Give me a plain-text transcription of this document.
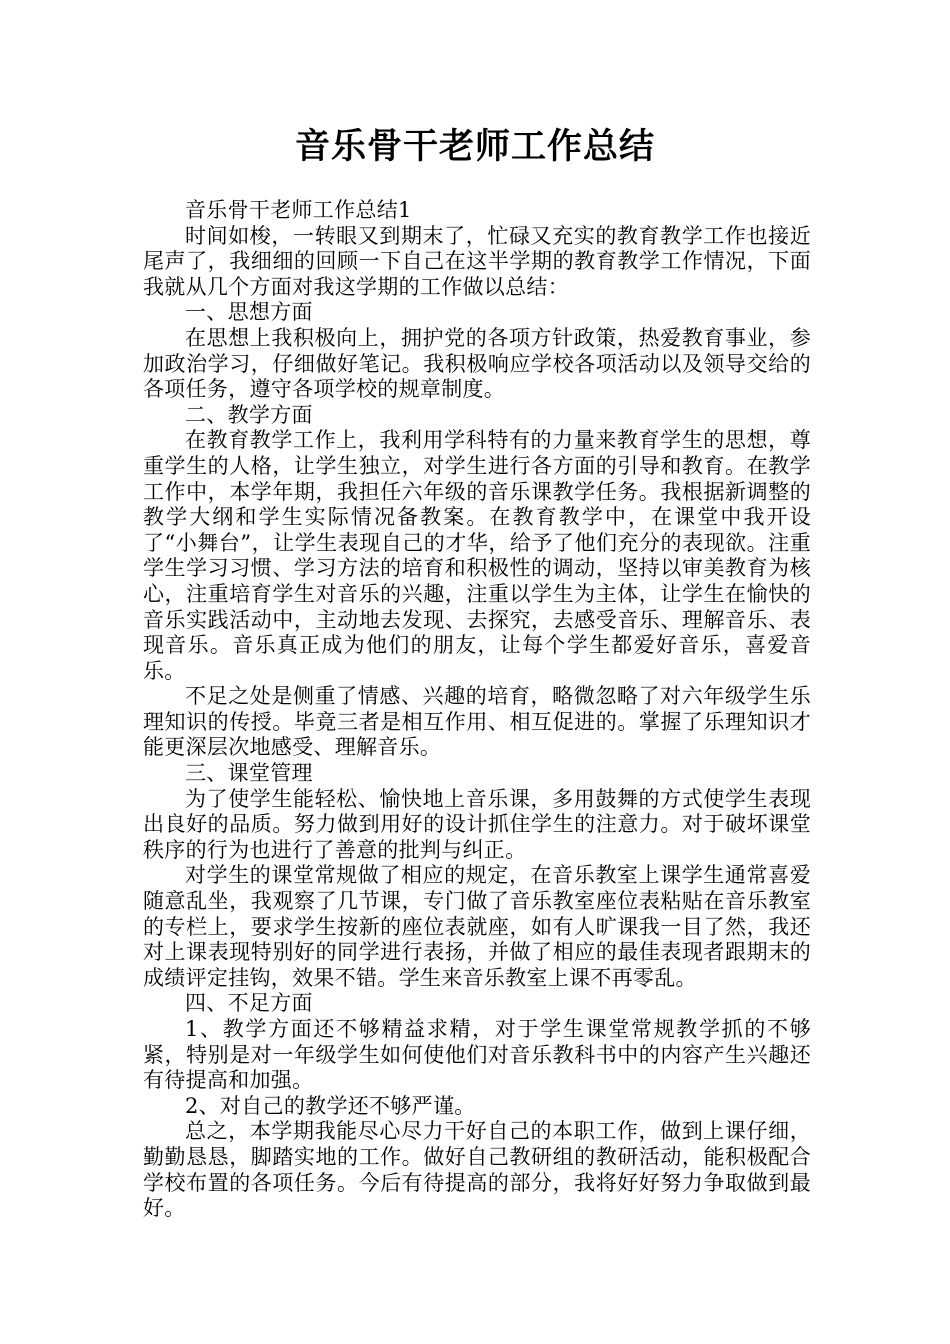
音乐骨干老师工作总结

音乐骨干老师工作总结1

时间如梭，一转眼又到期末了，忙碌又充实的教育教学工作也接近尾声了，我细细的回顾一下自己在这半学期的教育教学工作情况，下面我就从几个方面对我这学期的工作做以总结：

一、思想方面

在思想上我积极向上，拥护党的各项方针政策，热爱教育事业，参加政治学习，仔细做好笔记。我积极响应学校各项活动以及领导交给的各项任务，遵守各项学校的规章制度。

二、教学方面

在教育教学工作上，我利用学科特有的力量来教育学生的思想，尊重学生的人格，让学生独立，对学生进行各方面的引导和教育。在教学工作中，本学年期，我担任六年级的音乐课教学任务。我根据新调整的教学大纲和学生实际情况备教案。在教育教学中，在课堂中我开设了“小舞台”，让学生表现自己的才华，给予了他们充分的表现欲。注重学生学习习惯、学习方法的培育和积极性的调动，坚持以审美教育为核心，注重培育学生对音乐的兴趣，注重以学生为主体，让学生在愉快的音乐实践活动中，主动地去发现、去探究，去感受音乐、理解音乐、表现音乐。音乐真正成为他们的朋友，让每个学生都爱好音乐，喜爱音乐。

不足之处是侧重了情感、兴趣的培育，略微忽略了对六年级学生乐理知识的传授。毕竟三者是相互作用、相互促进的。掌握了乐理知识才能更深层次地感受、理解音乐。

三、课堂管理

为了使学生能轻松、愉快地上音乐课，多用鼓舞的方式使学生表现出良好的品质。努力做到用好的设计抓住学生的注意力。对于破坏课堂秩序的行为也进行了善意的批判与纠正。

对学生的课堂常规做了相应的规定，在音乐教室上课学生通常喜爱随意乱坐，我观察了几节课，专门做了音乐教室座位表粘贴在音乐教室的专栏上，要求学生按新的座位表就座，如有人旷课我一目了然，我还对上课表现特别好的同学进行表扬，并做了相应的最佳表现者跟期末的成绩评定挂钩，效果不错。学生来音乐教室上课不再零乱。

四、不足方面

1、教学方面还不够精益求精，对于学生课堂常规教学抓的不够紧，特别是对一年级学生如何使他们对音乐教科书中的内容产生兴趣还有待提高和加强。

2、对自己的教学还不够严谨。

总之，本学期我能尽心尽力干好自己的本职工作，做到上课仔细，勤勤恳恳，脚踏实地的工作。做好自己教研组的教研活动，能积极配合学校布置的各项任务。今后有待提高的部分，我将好好努力争取做到最好。
